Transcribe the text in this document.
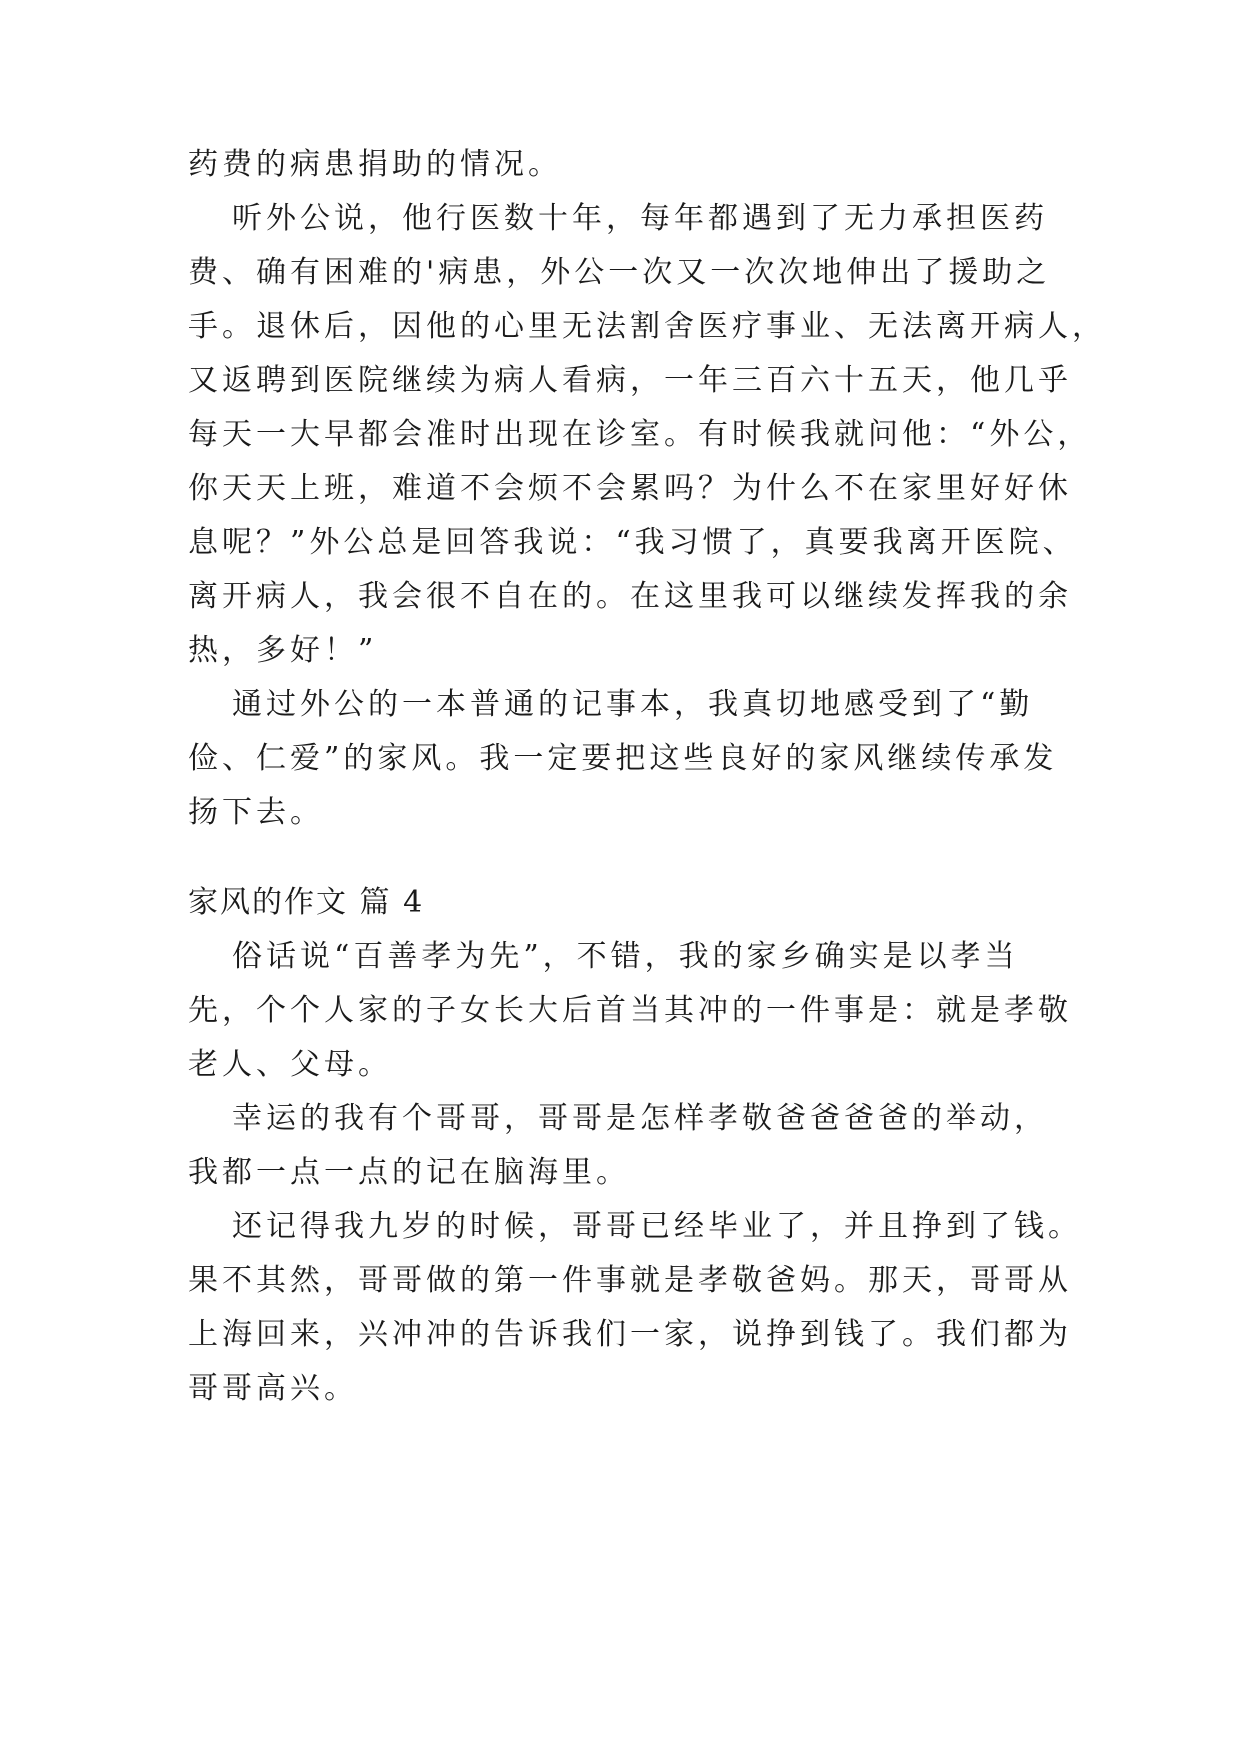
药费的病患捐助的情况。
听外公说，他行医数十年，每年都遇到了无力承担医药
费、确有困难的'病患，外公一次又一次次地伸出了援助之
手。退休后，因他的心里无法割舍医疗事业、无法离开病人，
又返聘到医院继续为病人看病，一年三百六十五天，他几乎
每天一大早都会准时出现在诊室。有时候我就问他：“外公，
你天天上班，难道不会烦不会累吗？为什么不在家里好好休
息呢？”外公总是回答我说：“我习惯了，真要我离开医院、
离开病人，我会很不自在的。在这里我可以继续发挥我的余
热，多好！”
通过外公的一本普通的记事本，我真切地感受到了“勤
俭、仁爱”的家风。我一定要把这些良好的家风继续传承发
扬下去。
家风的作文 篇 4
俗话说“百善孝为先”，不错，我的家乡确实是以孝当
先，个个人家的子女长大后首当其冲的一件事是：就是孝敬
老人、父母。
幸运的我有个哥哥，哥哥是怎样孝敬爸爸爸爸的举动，
我都一点一点的记在脑海里。
还记得我九岁的时候，哥哥已经毕业了，并且挣到了钱。
果不其然，哥哥做的第一件事就是孝敬爸妈。那天，哥哥从
上海回来，兴冲冲的告诉我们一家，说挣到钱了。我们都为
哥哥高兴。
